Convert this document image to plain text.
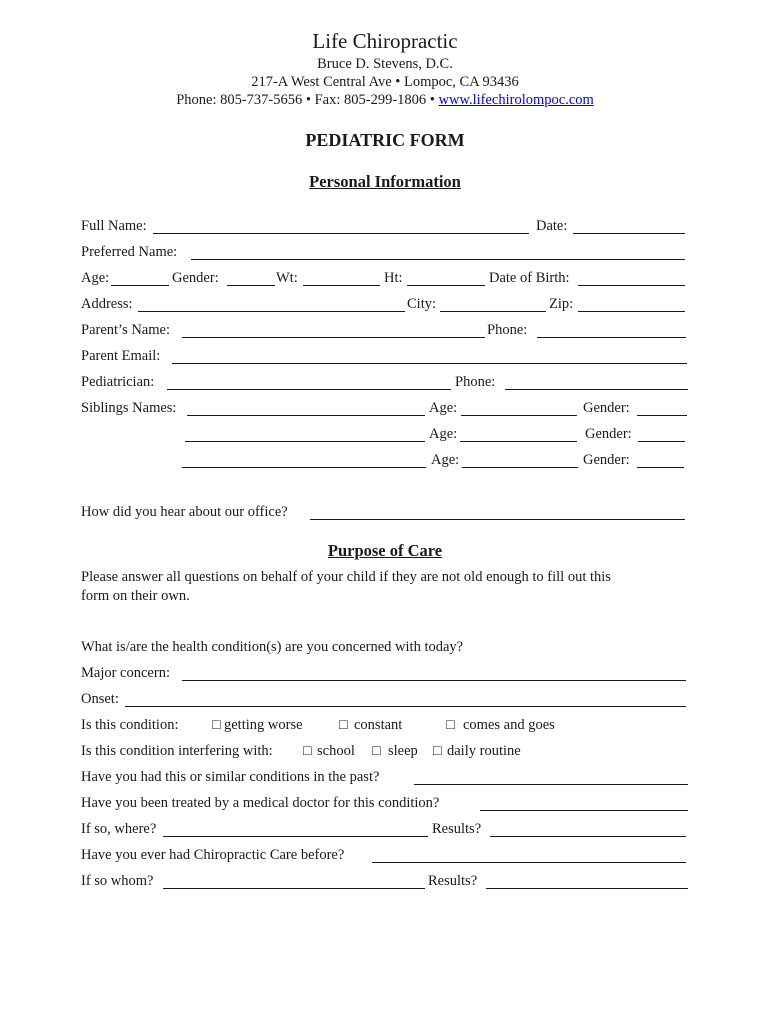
Life Chiropractic
Bruce D. Stevens, D.C.
217-A West Central Ave • Lompoc, CA 93436
Phone: 805-737-5656 • Fax: 805-299-1806 • www.lifechirolompoc.com
PEDIATRIC FORM
Personal Information
Full Name:	Date:
Preferred Name:
Age:	Gender:	Wt:	Ht:	Date of Birth:
Address:	City:	Zip:
Parent’s Name:	Phone:
Parent Email:
Pediatrician:	Phone:
Siblings Names:	Age:	Gender:
Age:	Gender:
Age:	Gender:
How did you hear about our office?
Purpose of Care
Please answer all questions on behalf of your child if they are not old enough to fill out this
form on their own.
What is/are the health condition(s) are you concerned with today?
Major concern:
Onset:
Is this condition: □ getting worse	□ constant	□ comes and goes
Is this condition interfering with: □ school □ sleep □ daily routine
Have you had this or similar conditions in the past?
Have you been treated by a medical doctor for this condition?
If so, where?	Results?
Have you ever had Chiropractic Care before?
If so whom?	Results?
